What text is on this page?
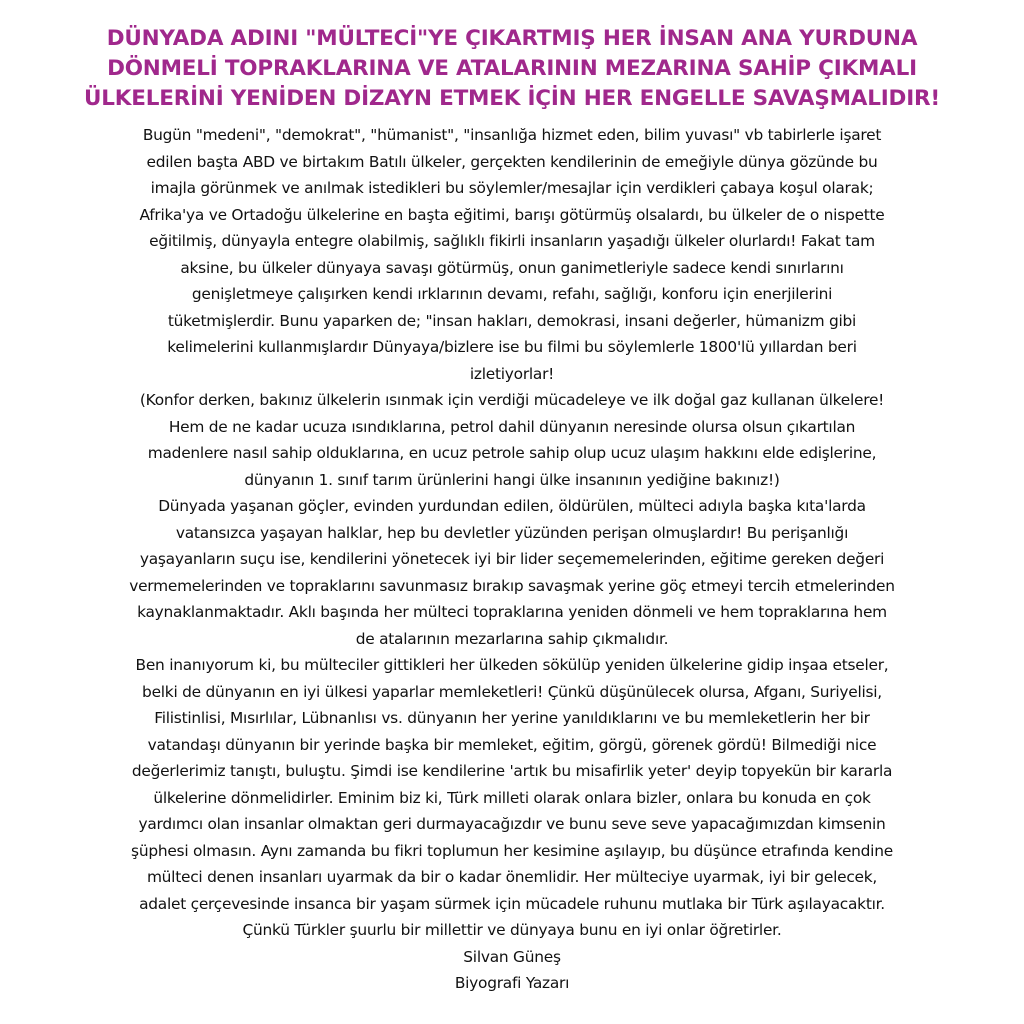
DÜNYADA ADINI "MÜLTECİ"YE ÇIKARTMIŞ HER İNSAN ANA YURDUNA
DÖNMELİ TOPRAKLARINA VE ATALARININ MEZARINA SAHİP ÇIKMALI
ÜLKELERİNİ YENİDEN DİZAYN ETMEK İÇİN HER ENGELLE SAVAŞMALIDIR!

Bugün "medeni", "demokrat", "hümanist", "insanlığa hizmet eden, bilim yuvası" vb tabirlerle işaret
edilen başta ABD ve birtakım Batılı ülkeler, gerçekten kendilerinin de emeğiyle dünya gözünde bu
imajla görünmek ve anılmak istedikleri bu söylemler/mesajlar için verdikleri çabaya koşul olarak;
Afrika'ya ve Ortadoğu ülkelerine en başta eğitimi, barışı götürmüş olsalardı, bu ülkeler de o nispette
eğitilmiş, dünyayla entegre olabilmiş, sağlıklı fikirli insanların yaşadığı ülkeler olurlardı! Fakat tam
aksine, bu ülkeler dünyaya savaşı götürmüş, onun ganimetleriyle sadece kendi sınırlarını
genişletmeye çalışırken kendi ırklarının devamı, refahı, sağlığı, konforu için enerjilerini
tüketmişlerdir. Bunu yaparken de; "insan hakları, demokrasi, insani değerler, hümanizm gibi
kelimelerini kullanmışlardır Dünyaya/bizlere ise bu filmi bu söylemlerle 1800'lü yıllardan beri
izletiyorlar!

(Konfor derken, bakınız ülkelerin ısınmak için verdiği mücadeleye ve ilk doğal gaz kullanan ülkelere!
Hem de ne kadar ucuza ısındıklarına, petrol dahil dünyanın neresinde olursa olsun çıkartılan
madenlere nasıl sahip olduklarına, en ucuz petrole sahip olup ucuz ulaşım hakkını elde edişlerine,
dünyanın 1. sınıf tarım ürünlerini hangi ülke insanının yediğine bakınız!)

Dünyada yaşanan göçler, evinden yurdundan edilen, öldürülen, mülteci adıyla başka kıta'larda
vatansızca yaşayan halklar, hep bu devletler yüzünden perişan olmuşlardır! Bu perişanlığı
yaşayanların suçu ise, kendilerini yönetecek iyi bir lider seçememelerinden, eğitime gereken değeri
vermemelerinden ve topraklarını savunmasız bırakıp savaşmak yerine göç etmeyi tercih etmelerinden
kaynaklanmaktadır. Aklı başında her mülteci topraklarına yeniden dönmeli ve hem topraklarına hem
de atalarının mezarlarına sahip çıkmalıdır.

Ben inanıyorum ki, bu mülteciler gittikleri her ülkeden sökülüp yeniden ülkelerine gidip inşaa etseler,
belki de dünyanın en iyi ülkesi yaparlar memleketleri! Çünkü düşünülecek olursa, Afganı, Suriyelisi,
Filistinlisi, Mısırlılar, Lübnanlısı vs. dünyanın her yerine yanıldıklarını ve bu memleketlerin her bir
vatandaşı dünyanın bir yerinde başka bir memleket, eğitim, görgü, görenek gördü! Bilmediği nice
değerlerimiz tanıştı, buluştu. Şimdi ise kendilerine 'artık bu misafirlik yeter' deyip topyekün bir kararla
ülkelerine dönmelidirler. Eminim biz ki, Türk milleti olarak onlara bizler, onlara bu konuda en çok
yardımcı olan insanlar olmaktan geri durmayacağızdır ve bunu seve seve yapacağımızdan kimsenin
şüphesi olmasın. Aynı zamanda bu fikri toplumun her kesimine aşılayıp, bu düşünce etrafında kendine
mülteci denen insanları uyarmak da bir o kadar önemlidir. Her mülteciye uyarmak, iyi bir gelecek,
adalet çerçevesinde insanca bir yaşam sürmek için mücadele ruhunu mutlaka bir Türk aşılayacaktır.
Çünkü Türkler şuurlu bir millettir ve dünyaya bunu en iyi onlar öğretirler.

Silvan Güneş
Biyografi Yazarı
